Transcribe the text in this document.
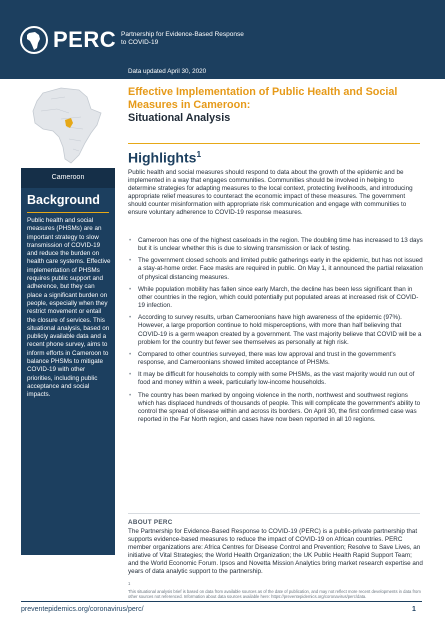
PERC Partnership for Evidence-Based Response to COVID-19
Data updated April 30, 2020
Cameroon
Background
Public health and social measures (PHSMs) are an important strategy to slow transmission of COVID-19 and reduce the burden on health care systems. Effective implementation of PHSMs requires public support and adherence, but they can place a significant burden on people, especially when they restrict movement or entail the closure of services. This situational analysis, based on publicly available data and a recent phone survey, aims to inform efforts in Cameroon to balance PHSMs to mitigate COVID-19 with other priorities, including public acceptance and social impacts.
Effective Implementation of Public Health and Social Measures in Cameroon:
Situational Analysis
Highlights$^1$
Public health and social measures should respond to data about the growth of the epidemic and be implemented in a way that engages communities. Communities should be involved in helping to determine strategies for adapting measures to the local context, protecting livelihoods, and introducing appropriate relief measures to counteract the economic impact of these measures. The government should counter misinformation with appropriate risk communication and engage with communities to ensure voluntary adherence to COVID-19 response measures.
• Cameroon has one of the highest caseloads in the region. The doubling time has increased to 13 days but it is unclear whether this is due to slowing transmission or lack of testing.
• The government closed schools and limited public gatherings early in the epidemic, but has not issued a stay-at-home order. Face masks are required in public. On May 1, it announced the partial relaxation of physical distancing measures.
• While population mobility has fallen since early March, the decline has been less significant than in other countries in the region, which could potentially put populated areas at increased risk of COVID-19 infection.
• According to survey results, urban Cameroonians have high awareness of the epidemic (97%). However, a large proportion continue to hold misperceptions, with more than half believing that COVID-19 is a germ weapon created by a government. The vast majority believe that COVID will be a problem for the country but fewer see themselves as personally at high risk.
• Compared to other countries surveyed, there was low approval and trust in the government's response, and Cameroonians showed limited acceptance of PHSMs.
• It may be difficult for households to comply with some PHSMs, as the vast majority would run out of food and money within a week, particularly low-income households.
• The country has been marked by ongoing violence in the north, northwest and southwest regions which has displaced hundreds of thousands of people. This will complicate the government's ability to control the spread of disease within and across its borders. On April 30, the first confirmed case was reported in the Far North region, and cases have now been reported in all 10 regions.
ABOUT PERC
The Partnership for Evidence-Based Response to COVID-19 (PERC) is a public-private partnership that supports evidence-based measures to reduce the impact of COVID-19 on African countries. PERC member organizations are: Africa Centres for Disease Control and Prevention; Resolve to Save Lives, an initiative of Vital Strategies; the World Health Organization; the UK Public Health Rapid Support Team; and the World Economic Forum. Ipsos and Novetta Mission Analytics bring market research expertise and years of data analytic support to the partnership.
1
This situational analysis brief is based on data from available sources as of the date of publication, and may not reflect more recent developments in data from other sources not referenced. Information about data sources available here: https://preventepidemics.org/coronavirus/perc/data.
preventepidemics.org/coronavirus/perc/	1
